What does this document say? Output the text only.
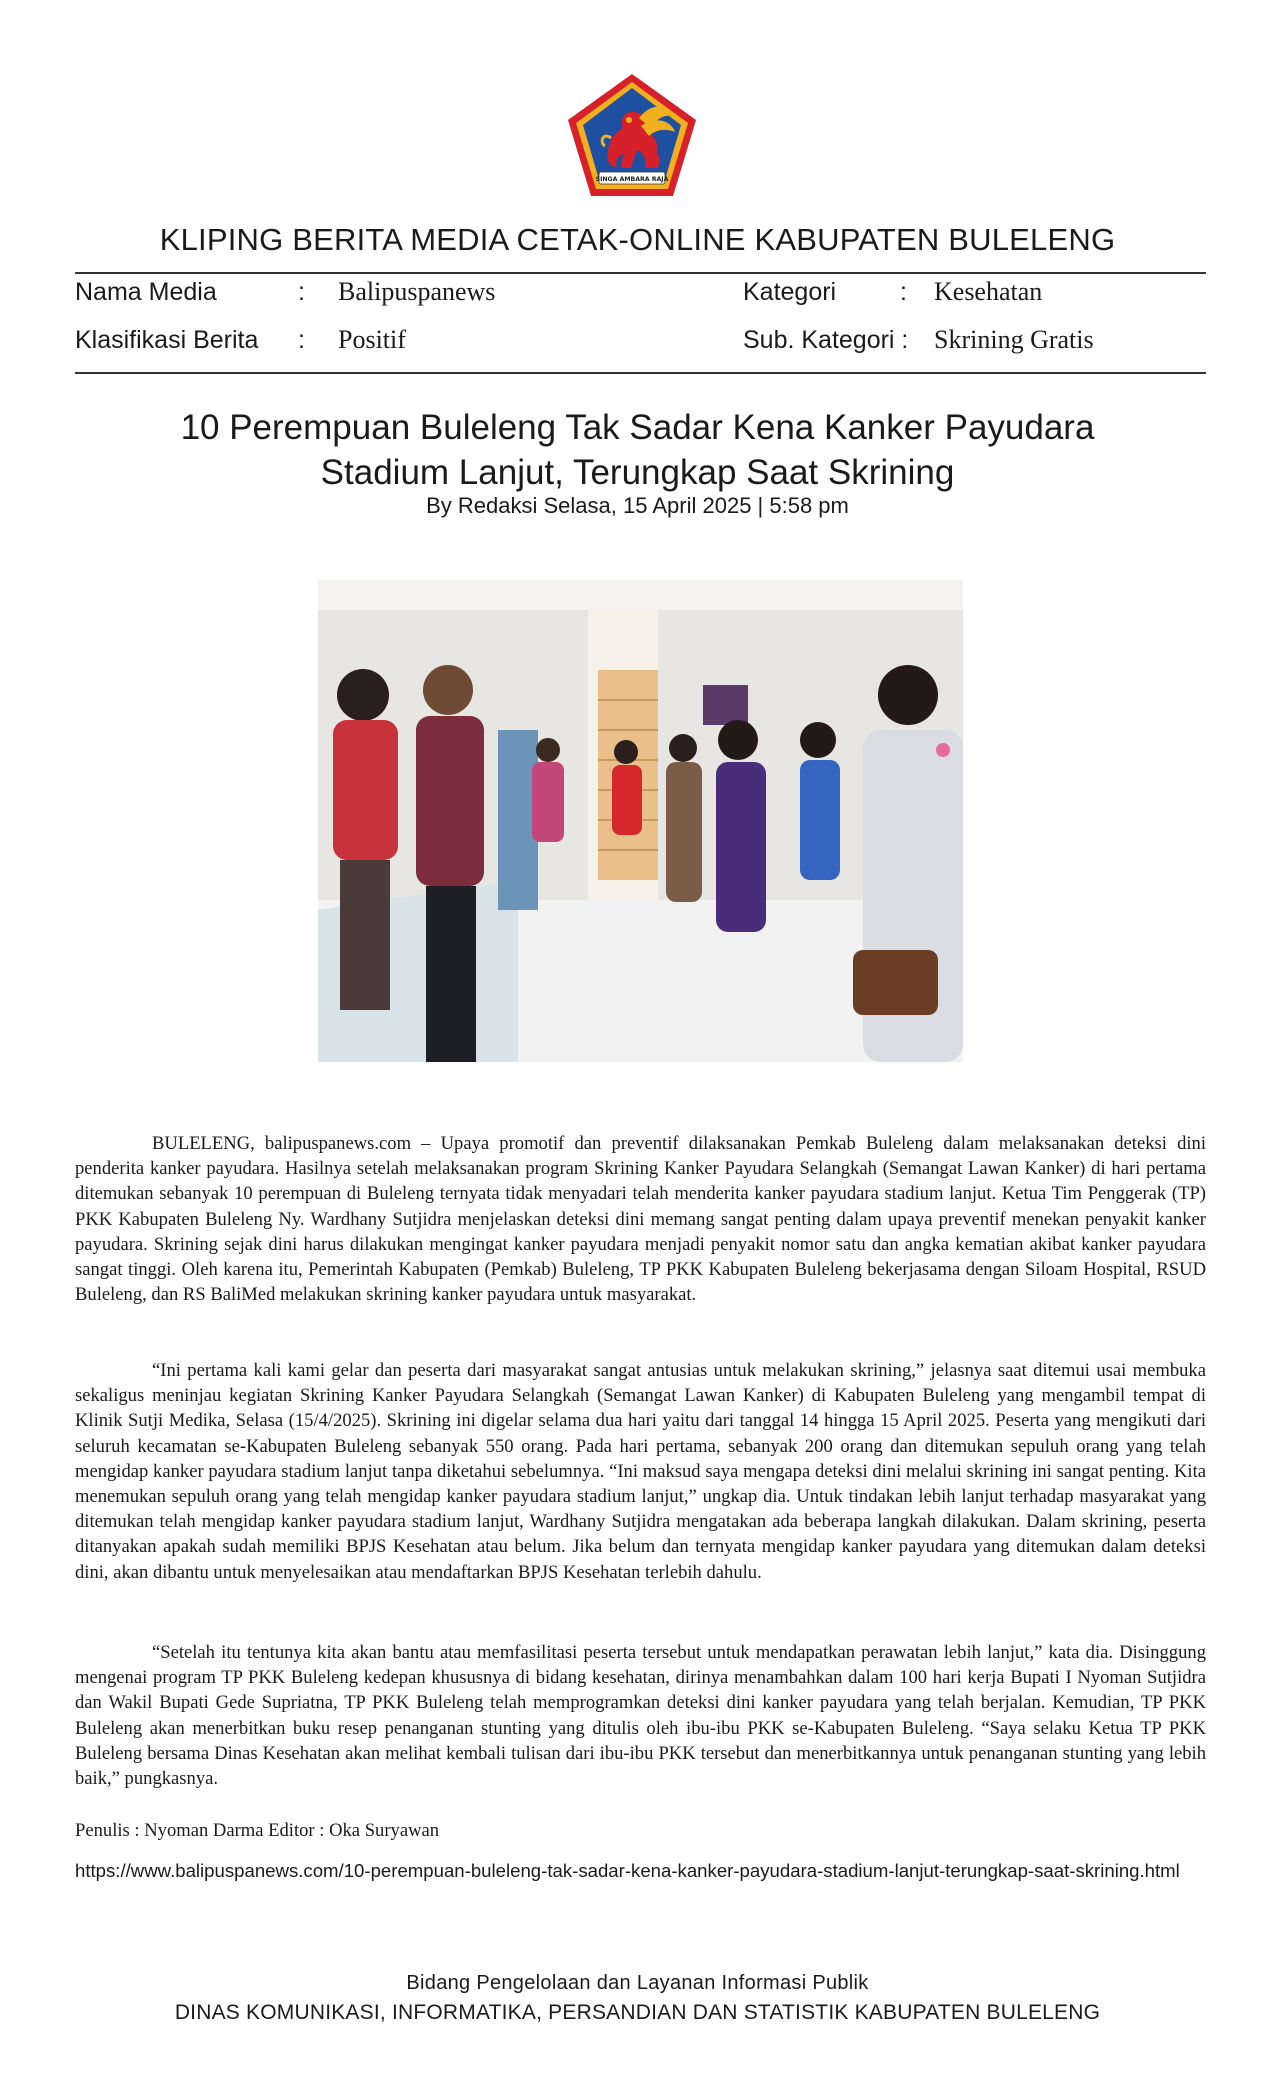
SINGA AMBARA RAJA
KLIPING BERITA MEDIA CETAK-ONLINE KABUPATEN BULELENG
Nama Media	: Balipuspanews	Kategori	: Kesehatan
Klasifikasi Berita : Positif	Sub. Kategori : Skrining Gratis
10 Perempuan Buleleng Tak Sadar Kena Kanker Payudara
Stadium Lanjut, Terungkap Saat Skrining
By Redaksi Selasa, 15 April 2025 | 5:58 pm

BULELENG, balipuspanews.com – Upaya promotif dan preventif dilaksanakan Pemkab Buleleng dalam melaksanakan deteksi dini penderita kanker payudara. Hasilnya setelah melaksanakan program Skrining Kanker Payudara Selangkah (Semangat Lawan Kanker) di hari pertama ditemukan sebanyak 10 perempuan di Buleleng ternyata tidak menyadari telah menderita kanker payudara stadium lanjut. Ketua Tim Penggerak (TP) PKK Kabupaten Buleleng Ny. Wardhany Sutjidra menjelaskan deteksi dini memang sangat penting dalam upaya preventif menekan penyakit kanker payudara. Skrining sejak dini harus dilakukan mengingat kanker payudara menjadi penyakit nomor satu dan angka kematian akibat kanker payudara sangat tinggi. Oleh karena itu, Pemerintah Kabupaten (Pemkab) Buleleng, TP PKK Kabupaten Buleleng bekerjasama dengan Siloam Hospital, RSUD Buleleng, dan RS BaliMed melakukan skrining kanker payudara untuk masyarakat.

“Ini pertama kali kami gelar dan peserta dari masyarakat sangat antusias untuk melakukan skrining,” jelasnya saat ditemui usai membuka sekaligus meninjau kegiatan Skrining Kanker Payudara Selangkah (Semangat Lawan Kanker) di Kabupaten Buleleng yang mengambil tempat di Klinik Sutji Medika, Selasa (15/4/2025). Skrining ini digelar selama dua hari yaitu dari tanggal 14 hingga 15 April 2025. Peserta yang mengikuti dari seluruh kecamatan se-Kabupaten Buleleng sebanyak 550 orang. Pada hari pertama, sebanyak 200 orang dan ditemukan sepuluh orang yang telah mengidap kanker payudara stadium lanjut tanpa diketahui sebelumnya. “Ini maksud saya mengapa deteksi dini melalui skrining ini sangat penting. Kita menemukan sepuluh orang yang telah mengidap kanker payudara stadium lanjut,” ungkap dia. Untuk tindakan lebih lanjut terhadap masyarakat yang ditemukan telah mengidap kanker payudara stadium lanjut, Wardhany Sutjidra mengatakan ada beberapa langkah dilakukan. Dalam skrining, peserta ditanyakan apakah sudah memiliki BPJS Kesehatan atau belum. Jika belum dan ternyata mengidap kanker payudara yang ditemukan dalam deteksi dini, akan dibantu untuk menyelesaikan atau mendaftarkan BPJS Kesehatan terlebih dahulu.

“Setelah itu tentunya kita akan bantu atau memfasilitasi peserta tersebut untuk mendapatkan perawatan lebih lanjut,” kata dia. Disinggung mengenai program TP PKK Buleleng kedepan khususnya di bidang kesehatan, dirinya menambahkan dalam 100 hari kerja Bupati I Nyoman Sutjidra dan Wakil Bupati Gede Supriatna, TP PKK Buleleng telah memprogramkan deteksi dini kanker payudara yang telah berjalan. Kemudian, TP PKK Buleleng akan menerbitkan buku resep penanganan stunting yang ditulis oleh ibu-ibu PKK se-Kabupaten Buleleng. “Saya selaku Ketua TP PKK Buleleng bersama Dinas Kesehatan akan melihat kembali tulisan dari ibu-ibu PKK tersebut dan menerbitkannya untuk penanganan stunting yang lebih baik,” pungkasnya.

Penulis : Nyoman Darma Editor : Oka Suryawan
https://www.balipuspanews.com/10-perempuan-buleleng-tak-sadar-kena-kanker-payudara-stadium-lanjut-terungkap-saat-skrining.html
Bidang Pengelolaan dan Layanan Informasi Publik
DINAS KOMUNIKASI, INFORMATIKA, PERSANDIAN DAN STATISTIK KABUPATEN BULELENG
